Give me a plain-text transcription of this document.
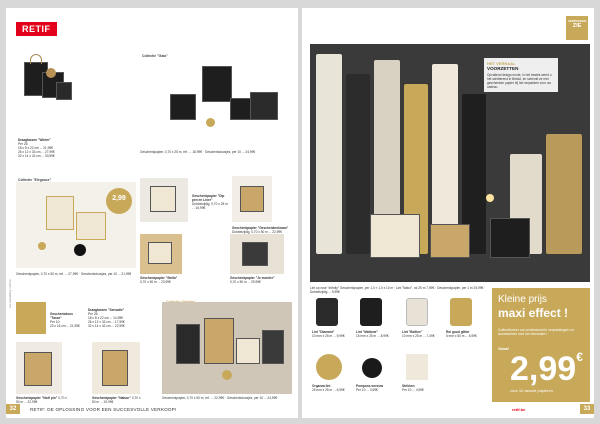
RETIF
Uw bestelling: retif.be
Draagtassen "Winter"
Per 25:
18 x 8 x 22 cm ... 21,99€
26 x 12 x 33 cm ... 27,99€
32 x 14 x 42 cm ... 33,99€
Collectie "Gaia"
Geschenkpapier, 0,70 x 25 m, ref. ... 18,99€ · Geschenkdoosjes, per 10 ... 24,99€
Collectie "Elegance"
2,99
Geschenkpapier, 0,70 x 50 m, ref. ... 27,99€ · Geschenkdoosjes, per 10 ... 21,99€
Geschenkpapier "Dip pen en Liner"
Dubbelzijdig, 0,70 x 25 m ... 16,99€
Geschenkpapier "Geschenkenkraan"
Dubbelzijdig, 0,70 x 50 m ... 22,99€
Geschenkpapier "Stella"
0,70 x 50 m ... 23,99€
Geschenkpapier "Je moeder"
0,70 x 50 m ... 29,99€
Geschenkdoos "Tasse"
Per 10:
23 x 16 cm ... 21,99€
Draagtassen "Sensatie"
Per 25:
18 x 8 x 22 cm ... 14,99€
26 x 12 x 33 cm ... 17,99€
32 x 14 x 42 cm ... 22,99€
Geschenkpapier "Noël pin" 0,70 x 50 m ... 22,99€
Geschenkpapier "Natuur" 0,70 x 50 m ... 19,99€
Geschenkpapier, 0,70 x 50 m, ref. ... 22,99€ · Geschenkdoosjes, per 10 ... 24,99€
32	RETIF: DE OPLOSSING VOOR EEN SUCCESVOLLE VERKOOP!
VERPAKKEN
ZIE
HET VERHAAL
VOORZETTEN
Opvallend design mode, in het bestek werkt u het schitterend in Bristol, en schenkt ze met geschenken papier bij het verpakken voor uw cadeau
Lint op rose "Infinity" Geschenkpapier, per 1,0 × 1,0 x 10 m · Lint "Natur", rol 25 m 7,99€ · Geschenkpapier, per 1 m 25,99€ · Dubbelzijdig ... 9,99€
Lint "Diamant"
10 mm x 25 m ... 9,99€
Lint "Mattone"
15 mm x 25 m ... 8,99€
Lint "Bolline"
10 mm x 25 m ... 7,49€
Rol goud glitter
5 mm x 50 m ... 6,99€
Organza lint
25 mm x 25 m ... 6,99€
Pompons sneeuw
Per 10 ... 3,99€
Strikken
Per 10 ... 4,99€
Kleine prijs
maxi effect !
Collectioneer uw professionele verpakkingen en accessoires met uw decoratie !
Vanaf
2,99€
voor 10 assorti papieren
retif.be	33
